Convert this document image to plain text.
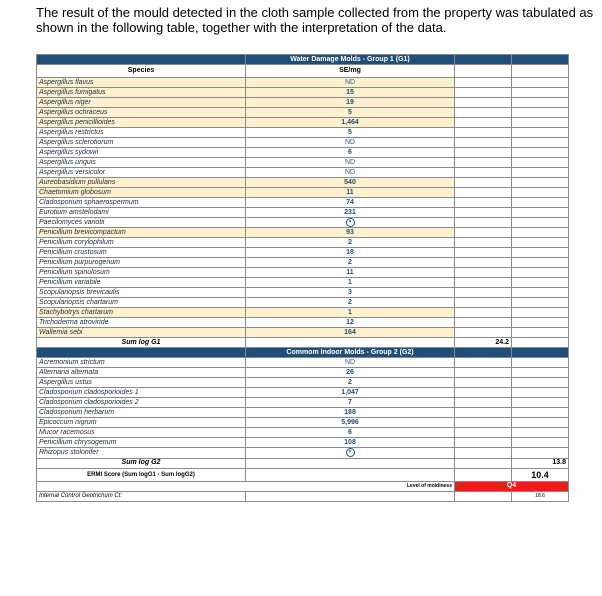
The result of the mould detected in the cloth sample collected from the property was tabulated as shown in the following table, together with the interpretation of the data.
	Water Damage Molds - Group 1 (G1)		
Species	SE/mg		
Aspergillus flavus	ND		
Aspergillus fumigatus	15		
Aspergillus niger	19		
Aspergillus ochraceus	5		
Aspergillus penicillioides	1,464		
Aspergillus restrictus	5		
Aspergillus sclerotiorum	ND		
Aspergillus sydowii	6		
Aspergillus unguis	ND		
Aspergillus versicolor	ND		
Aureobasidium pullulans	540		
Chaetomium globosum	11		
Cladosporium sphaerospermum	74		
Eurotium amstelodami	231		
Paecilomyces variotii	×		
Penicillium brevicompactum	93		
Penicillium corylophilum	2		
Penicillium crustosum	18		
Penicillium purpurogenum	2		
Penicillium spinulosum	11		
Penicillium variabile	1		
Scopulariopsis brevicaulis	3		
Scopulariopsis chartarum	2		
Stachybotrys chartarum	1		
Trichoderma atroviride	12		
Wallemia sebi	164		
Sum log G1		24.2	
	Commom Indoor Molds - Group 2 (G2)		
Acremonium strictum	ND		
Alternaria alternata	26		
Aspergillus ustus	2		
Cladosporium cladosporioides 1	1,047		
Cladosporium cladosporioides 2	7		
Cladosporium herbarum	188		
Epicoccum nigrum	5,996		
Mucor racemosus	6		
Penicillium chrysogenum	108		
Rhizopus stolonifer	×		
Sum log G2			13.8
ERMI Score (Sum logG1 - Sum logG2)			10.4
	Level of moldiness	Q4	
Internal Control Geotrichum Ct:			18.6
